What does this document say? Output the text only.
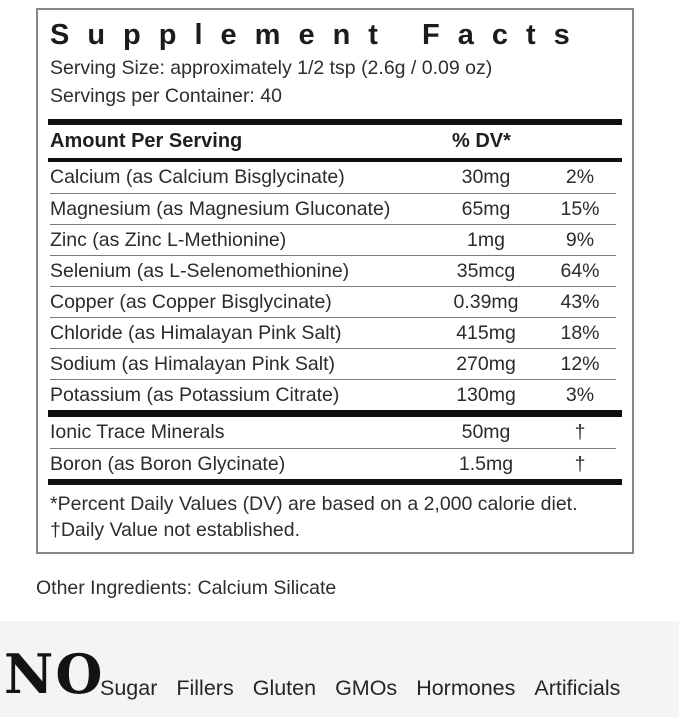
Supplement Facts
Serving Size: approximately 1/2 tsp (2.6g / 0.09 oz)
Servings per Container: 40
Amount Per Serving	% DV*
Calcium (as Calcium Bisglycinate)	30mg	2%
Magnesium (as Magnesium Gluconate)	65mg	15%
Zinc (as Zinc L-Methionine)	1mg	9%
Selenium (as L-Selenomethionine)	35mcg	64%
Copper (as Copper Bisglycinate)	0.39mg	43%
Chloride (as Himalayan Pink Salt)	415mg	18%
Sodium (as Himalayan Pink Salt)	270mg	12%
Potassium (as Potassium Citrate)	130mg	3%
Ionic Trace Minerals	50mg	†
Boron (as Boron Glycinate)	1.5mg	†
*Percent Daily Values (DV) are based on a 2,000 calorie diet.  †Daily Value not established.
Other Ingredients: Calcium Silicate
NO
Sugar Fillers Gluten GMOs Hormones Artificials
